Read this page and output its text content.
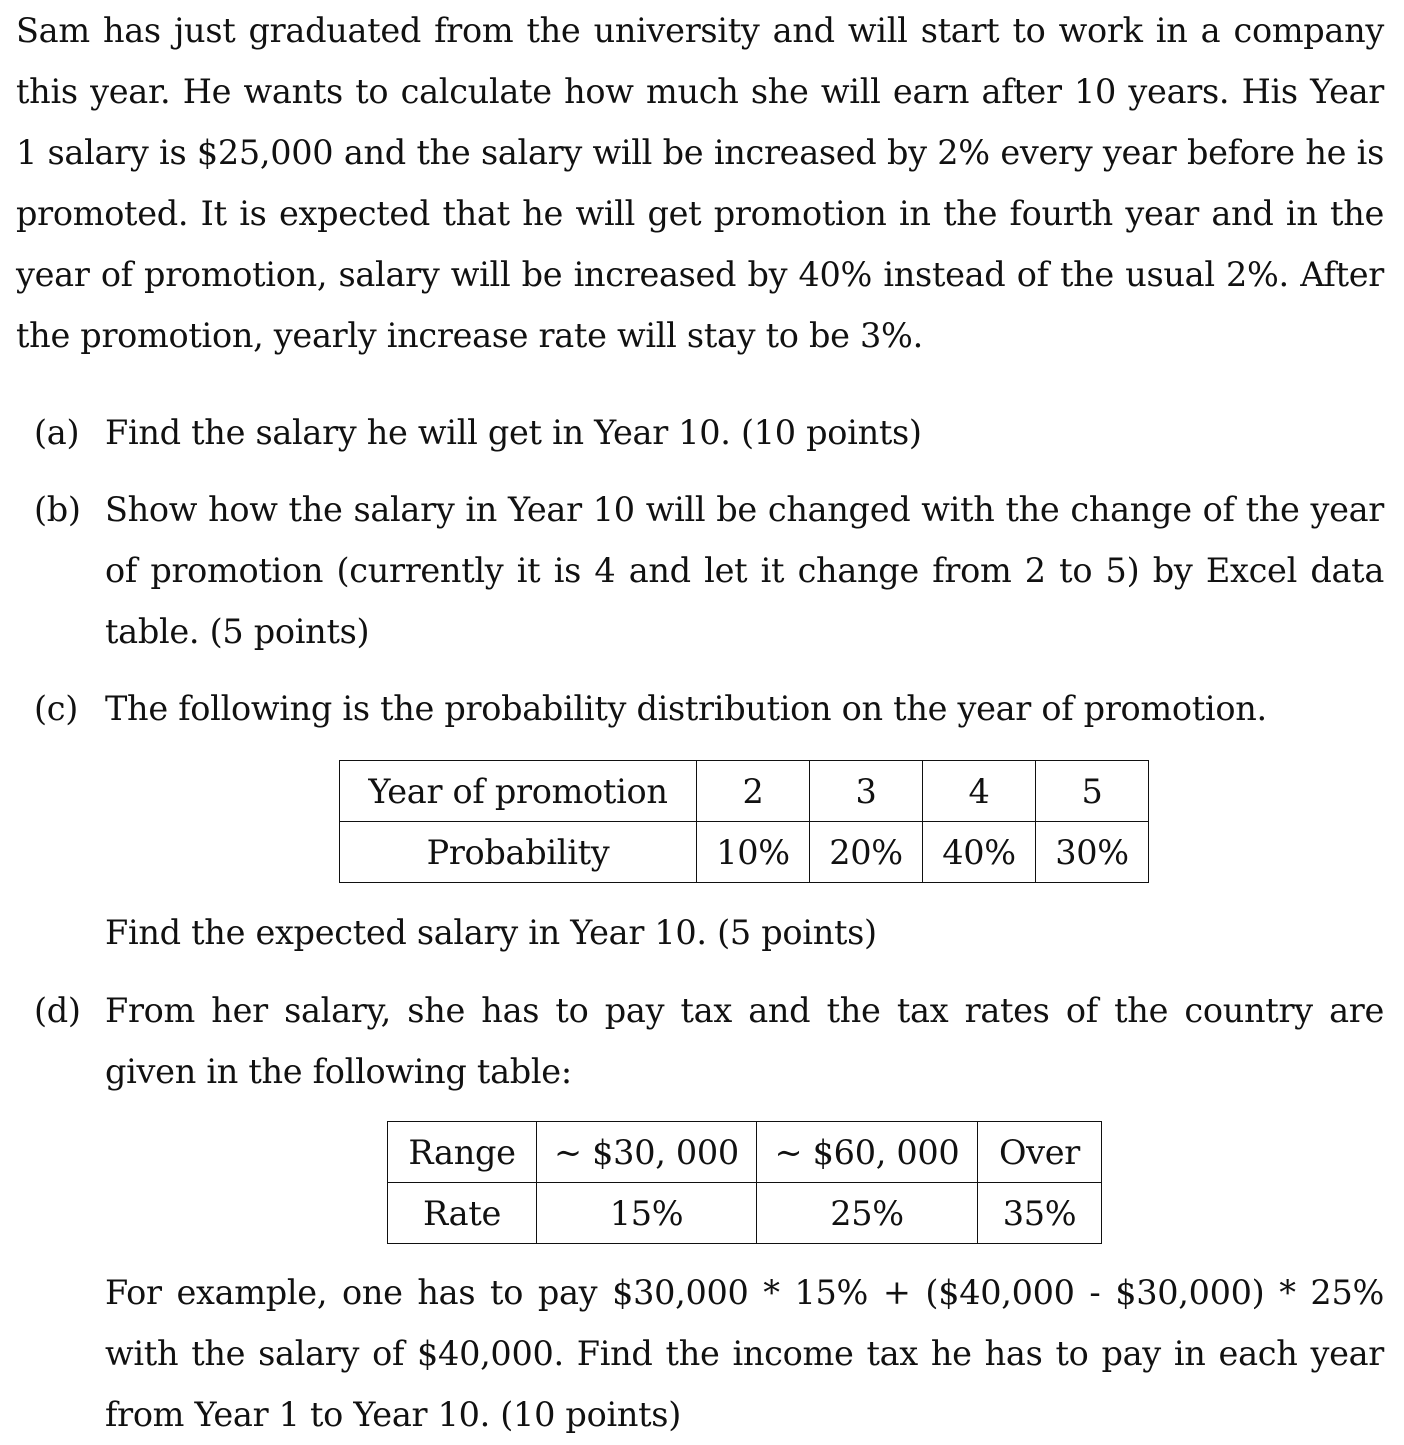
Sam has just graduated from the university and will start to work in a company this year. He wants to calculate how much she will earn after 10 years. His Year 1 salary is $25,000 and the salary will be increased by 2% every year before he is promoted. It is expected that he will get promotion in the fourth year and in the year of promotion, salary will be increased by 40% instead of the usual 2%. After the promotion, yearly increase rate will stay to be 3%.
(a) Find the salary he will get in Year 10. (10 points)
(b) Show how the salary in Year 10 will be changed with the change of the year of promotion (currently it is 4 and let it change from 2 to 5) by Excel data table. (5 points)
(c) The following is the probability distribution on the year of promotion.
Year of promotion	2	3	4	5
Probability	10%	20%	40%	30%
Find the expected salary in Year 10. (5 points)
(d) From her salary, she has to pay tax and the tax rates of the country are given in the following table:
Range	∼ $30, 000	∼ $60, 000	Over
Rate	15%	25%	35%
For example, one has to pay $30,000 * 15% + ($40,000 - $30,000) * 25% with the salary of $40,000. Find the income tax he has to pay in each year from Year 1 to Year 10. (10 points)
